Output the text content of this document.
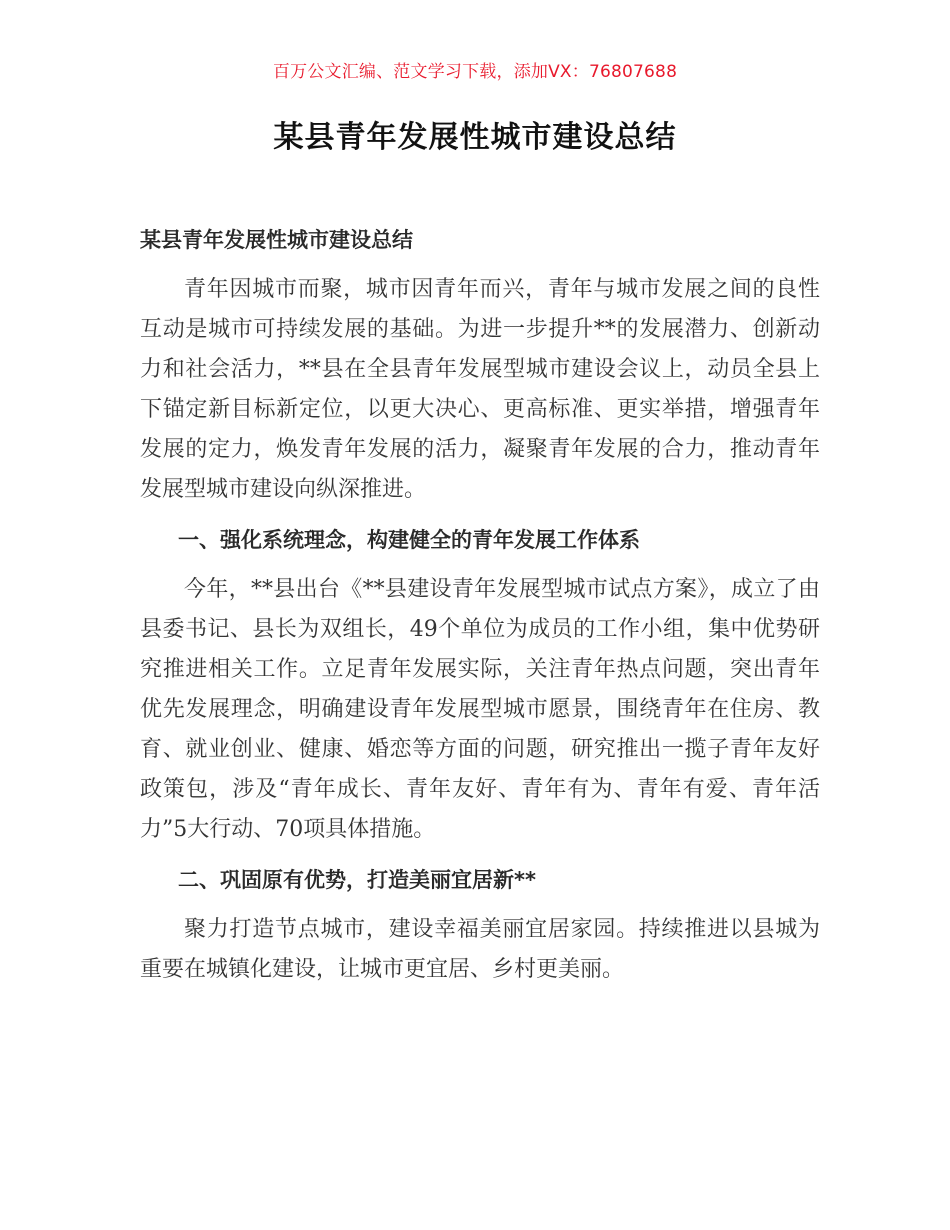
百万公文汇编、范文学习下载，添加VX：76807688
某县青年发展性城市建设总结
某县青年发展性城市建设总结

青年因城市而聚，城市因青年而兴，青年与城市发展之间的良性互动是城市可持续发展的基础。为进一步提升**的发展潜力、创新动力和社会活力，**县在全县青年发展型城市建设会议上，动员全县上下锚定新目标新定位，以更大决心、更高标准、更实举措，增强青年发展的定力，焕发青年发展的活力，凝聚青年发展的合力，推动青年发展型城市建设向纵深推进。

一、强化系统理念，构建健全的青年发展工作体系

今年，**县出台《**县建设青年发展型城市试点方案》，成立了由县委书记、县长为双组长，49个单位为成员的工作小组，集中优势研究推进相关工作。立足青年发展实际，关注青年热点问题，突出青年优先发展理念，明确建设青年发展型城市愿景，围绕青年在住房、教育、就业创业、健康、婚恋等方面的问题，研究推出一揽子青年友好政策包，涉及“青年成长、青年友好、青年有为、青年有爱、青年活力”5大行动、70项具体措施。

二、巩固原有优势，打造美丽宜居新**

聚力打造节点城市，建设幸福美丽宜居家园。持续推进以县城为重要在城镇化建设，让城市更宜居、乡村更美丽。
